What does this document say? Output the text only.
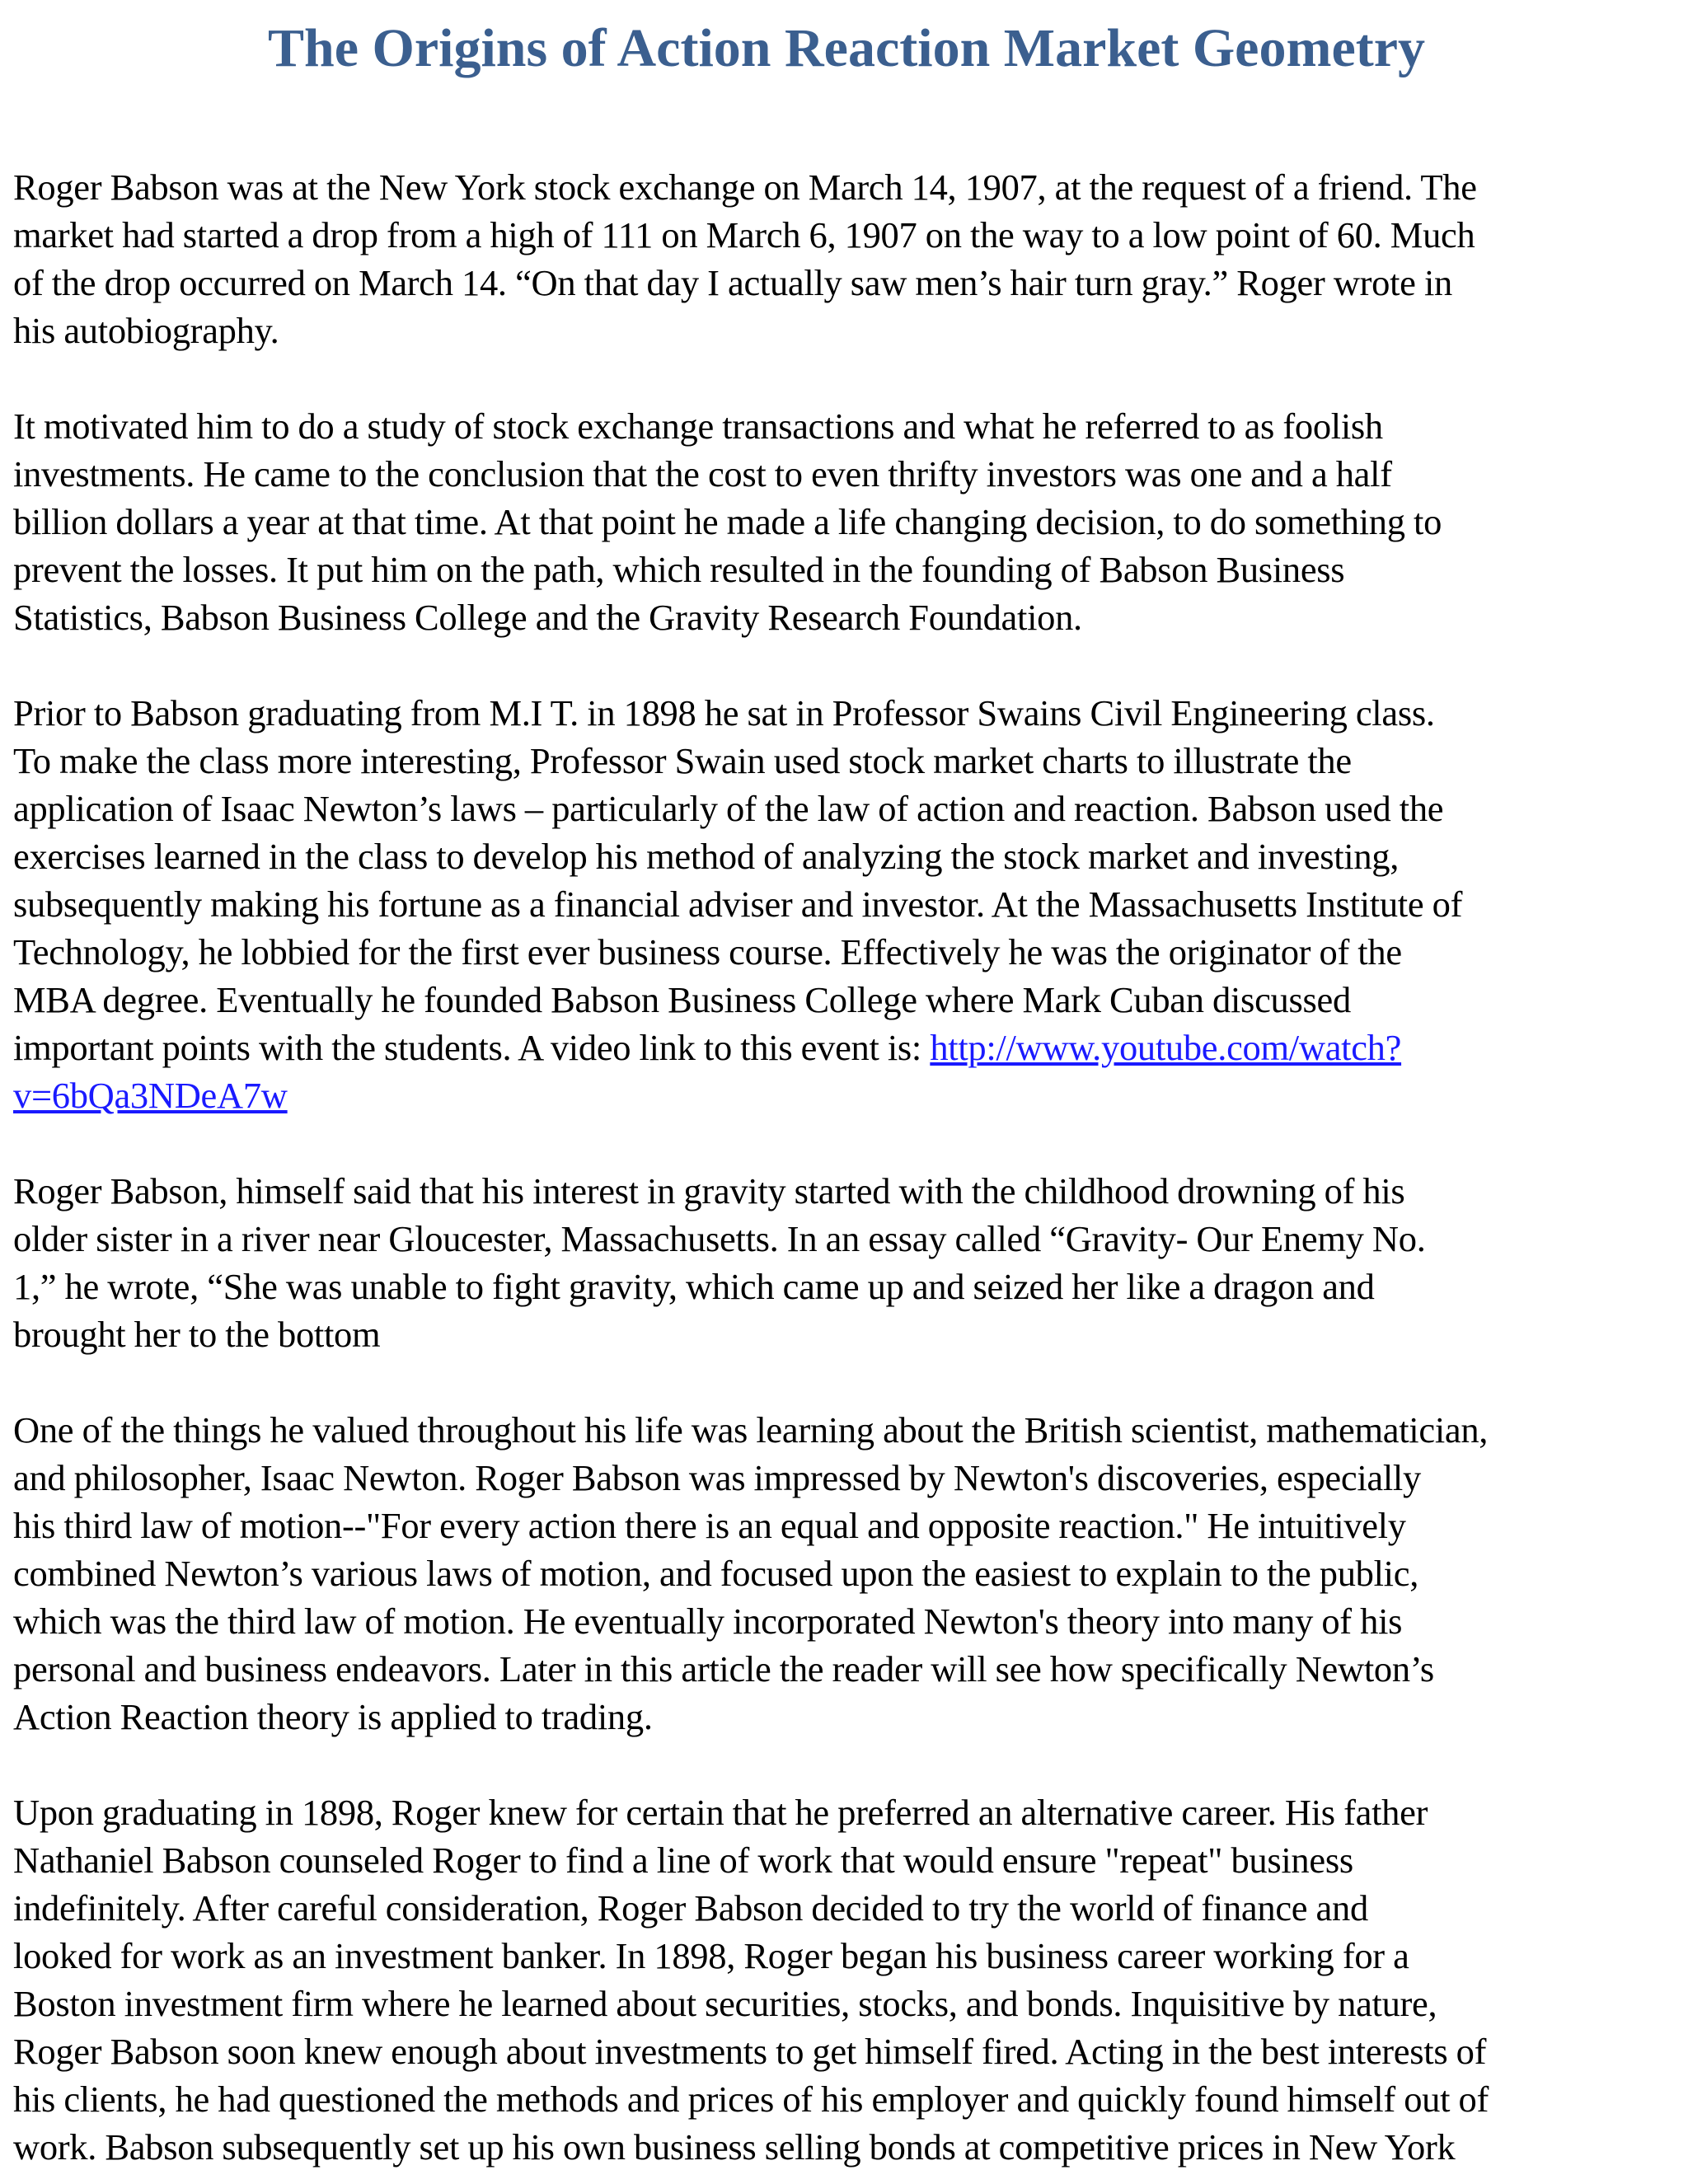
The Origins of Action Reaction Market Geometry

Roger Babson was at the New York stock exchange on March 14, 1907, at the request of a friend. The
market had started a drop from a high of 111 on March 6, 1907 on the way to a low point of 60. Much
of the drop occurred on March 14. “On that day I actually saw men’s hair turn gray.” Roger wrote in
his autobiography.

It motivated him to do a study of stock exchange transactions and what he referred to as foolish
investments. He came to the conclusion that the cost to even thrifty investors was one and a half
billion dollars a year at that time. At that point he made a life changing decision, to do something to
prevent the losses. It put him on the path, which resulted in the founding of Babson Business
Statistics, Babson Business College and the Gravity Research Foundation.

Prior to Babson graduating from M.I T. in 1898 he sat in Professor Swains Civil Engineering class.
To make the class more interesting, Professor Swain used stock market charts to illustrate the
application of Isaac Newton’s laws – particularly of the law of action and reaction. Babson used the
exercises learned in the class to develop his method of analyzing the stock market and investing,
subsequently making his fortune as a financial adviser and investor. At the Massachusetts Institute of
Technology, he lobbied for the first ever business course. Effectively he was the originator of the
MBA degree. Eventually he founded Babson Business College where Mark Cuban discussed
important points with the students. A video link to this event is: http://www.youtube.com/watch?
v=6bQa3NDeA7w

Roger Babson, himself said that his interest in gravity started with the childhood drowning of his
older sister in a river near Gloucester, Massachusetts. In an essay called “Gravity- Our Enemy No.
1,” he wrote, “She was unable to fight gravity, which came up and seized her like a dragon and
brought her to the bottom

One of the things he valued throughout his life was learning about the British scientist, mathematician,
and philosopher, Isaac Newton. Roger Babson was impressed by Newton's discoveries, especially
his third law of motion--"For every action there is an equal and opposite reaction." He intuitively
combined Newton’s various laws of motion, and focused upon the easiest to explain to the public,
which was the third law of motion. He eventually incorporated Newton's theory into many of his
personal and business endeavors. Later in this article the reader will see how specifically Newton’s
Action Reaction theory is applied to trading.

Upon graduating in 1898, Roger knew for certain that he preferred an alternative career. His father
Nathaniel Babson counseled Roger to find a line of work that would ensure "repeat" business
indefinitely. After careful consideration, Roger Babson decided to try the world of finance and
looked for work as an investment banker. In 1898, Roger began his business career working for a
Boston investment firm where he learned about securities, stocks, and bonds. Inquisitive by nature,
Roger Babson soon knew enough about investments to get himself fired. Acting in the best interests of
his clients, he had questioned the methods and prices of his employer and quickly found himself out of
work. Babson subsequently set up his own business selling bonds at competitive prices in New York
